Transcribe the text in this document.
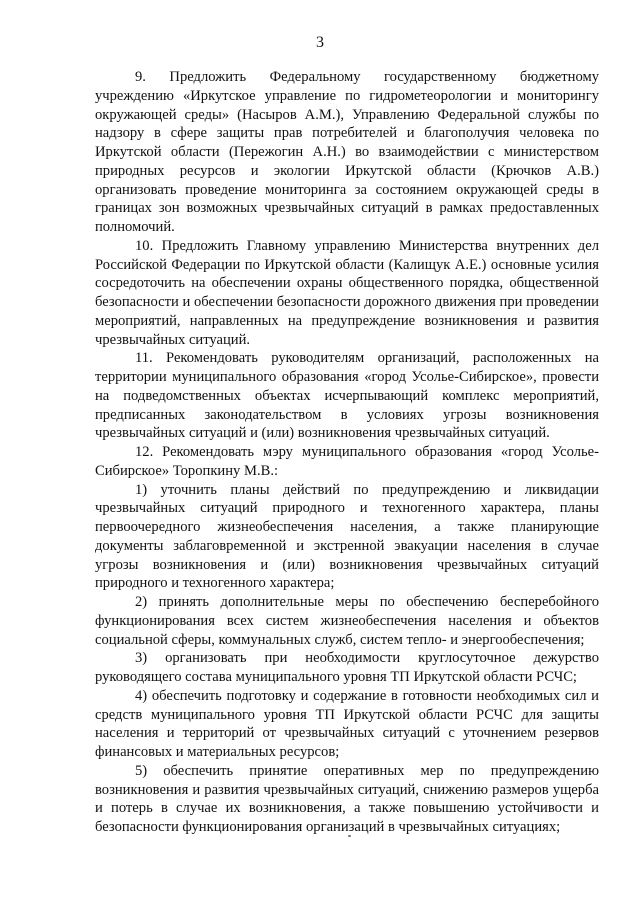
3

9. Предложить Федеральному государственному бюджетному учреждению «Иркутское управление по гидрометеорологии и мониторингу окружающей среды» (Насыров А.М.), Управлению Федеральной службы по надзору в сфере защиты прав потребителей и благополучия человека по Иркутской области (Пережогин А.Н.) во взаимодействии с министерством природных ресурсов и экологии Иркутской области (Крючков А.В.) организовать проведение мониторинга за состоянием окружающей среды в границах зон возможных чрезвычайных ситуаций в рамках предоставленных полномочий.

10. Предложить Главному управлению Министерства внутренних дел Российской Федерации по Иркутской области (Калищук А.Е.) основные усилия сосредоточить на обеспечении охраны общественного порядка, общественной безопасности и обеспечении безопасности дорожного движения при проведении мероприятий, направленных на предупреждение возникновения и развития чрезвычайных ситуаций.

11. Рекомендовать руководителям организаций, расположенных на территории муниципального образования «город Усолье-Сибирское», провести на подведомственных объектах исчерпывающий комплекс мероприятий, предписанных законодательством в условиях угрозы возникновения чрезвычайных ситуаций и (или) возникновения чрезвычайных ситуаций.

12. Рекомендовать мэру муниципального образования «город Усолье-Сибирское» Торопкину М.В.:

1) уточнить планы действий по предупреждению и ликвидации чрезвычайных ситуаций природного и техногенного характера, планы первоочередного жизнеобеспечения населения, а также планирующие документы заблаговременной и экстренной эвакуации населения в случае угрозы возникновения и (или) возникновения чрезвычайных ситуаций природного и техногенного характера;

2) принять дополнительные меры по обеспечению бесперебойного функционирования всех систем жизнеобеспечения населения и объектов социальной сферы, коммунальных служб, систем тепло- и энергообеспечения;

3) организовать при необходимости круглосуточное дежурство руководящего состава муниципального уровня ТП Иркутской области РСЧС;

4) обеспечить подготовку и содержание в готовности необходимых сил и средств муниципального уровня ТП Иркутской области РСЧС для защиты населения и территорий от чрезвычайных ситуаций с уточнением резервов финансовых и материальных ресурсов;

5) обеспечить принятие оперативных мер по предупреждению возникновения и развития чрезвычайных ситуаций, снижению размеров ущерба и потерь в случае их возникновения, а также повышению устойчивости и безопасности функционирования организаций в чрезвычайных ситуациях;
